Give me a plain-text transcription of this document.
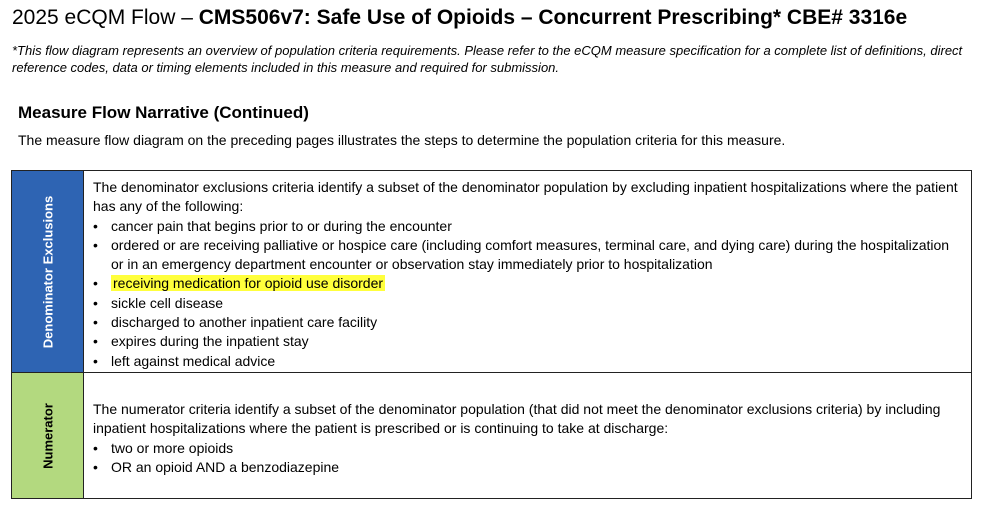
2025 eCQM Flow – CMS506v7: Safe Use of Opioids – Concurrent Prescribing* CBE# 3316e
*This flow diagram represents an overview of population criteria requirements. Please refer to the eCQM measure specification for a complete list of definitions, direct reference codes, data or timing elements included in this measure and required for submission.
Measure Flow Narrative (Continued)
The measure flow diagram on the preceding pages illustrates the steps to determine the population criteria for this measure.
Denominator Exclusions
The denominator exclusions criteria identify a subset of the denominator population by excluding inpatient hospitalizations where the patient has any of the following:
• cancer pain that begins prior to or during the encounter
• ordered or are receiving palliative or hospice care (including comfort measures, terminal care, and dying care) during the hospitalization or in an emergency department encounter or observation stay immediately prior to hospitalization
• receiving medication for opioid use disorder
• sickle cell disease
• discharged to another inpatient care facility
• expires during the inpatient stay
• left against medical advice
Numerator	The numerator criteria identify a subset of the denominator population (that did not meet the denominator exclusions criteria) by including inpatient hospitalizations where the patient is prescribed or is continuing to take at discharge:
• two or more opioids
• OR an opioid AND a benzodiazepine
